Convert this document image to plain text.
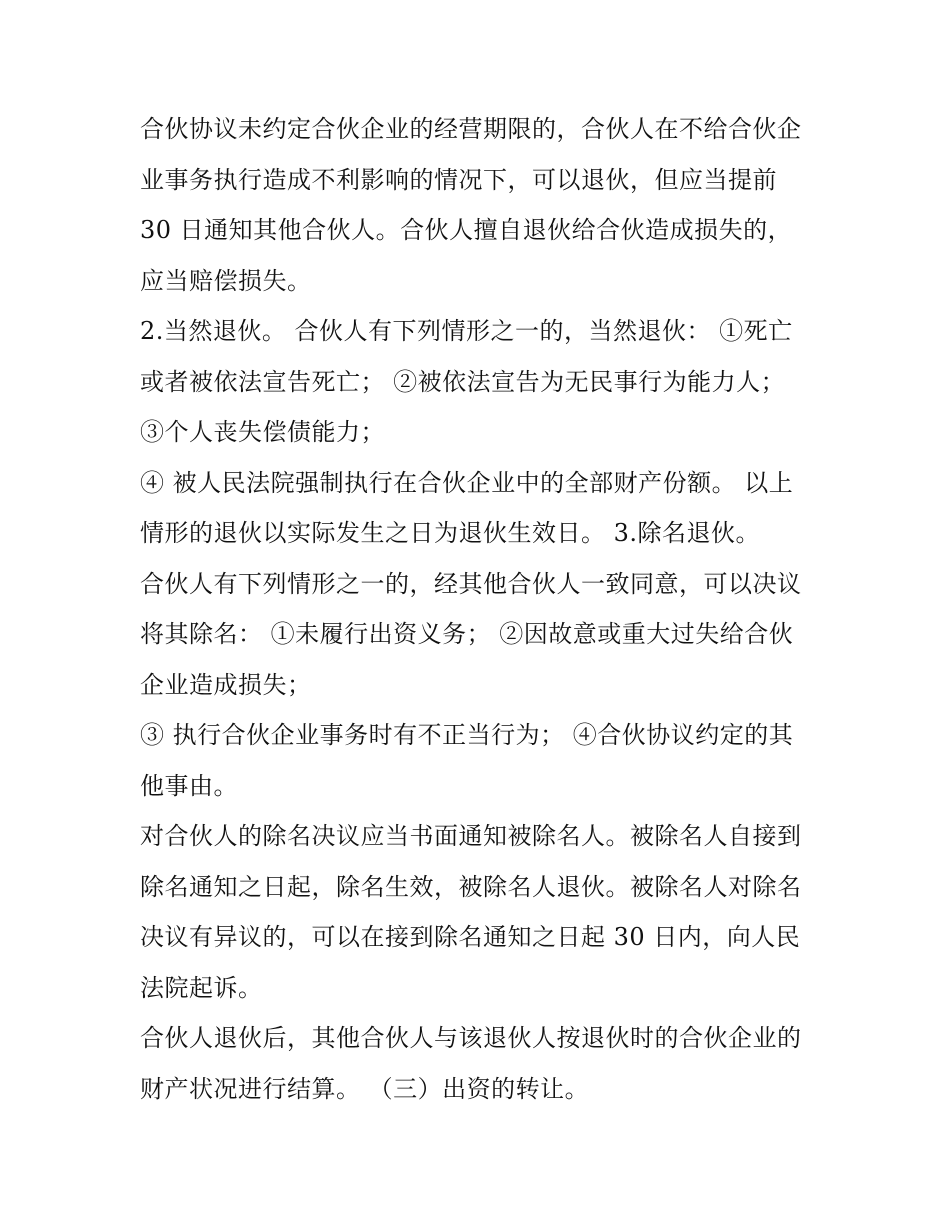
合伙协议未约定合伙企业的经营期限的，合伙人在不给合伙企
业事务执行造成不利影响的情况下，可以退伙，但应当提前
30 日通知其他合伙人。合伙人擅自退伙给合伙造成损失的，
应当赔偿损失。
2.当然退伙。 合伙人有下列情形之一的，当然退伙： ①死亡
或者被依法宣告死亡； ②被依法宣告为无民事行为能力人；
③个人丧失偿债能力；
④ 被人民法院强制执行在合伙企业中的全部财产份额。 以上
情形的退伙以实际发生之日为退伙生效日。 3.除名退伙。
合伙人有下列情形之一的，经其他合伙人一致同意，可以决议
将其除名： ①未履行出资义务； ②因故意或重大过失给合伙
企业造成损失；
③ 执行合伙企业事务时有不正当行为； ④合伙协议约定的其
他事由。
对合伙人的除名决议应当书面通知被除名人。被除名人自接到
除名通知之日起，除名生效，被除名人退伙。被除名人对除名
决议有异议的，可以在接到除名通知之日起 30 日内，向人民
法院起诉。
合伙人退伙后，其他合伙人与该退伙人按退伙时的合伙企业的
财产状况进行结算。 （三）出资的转让。
